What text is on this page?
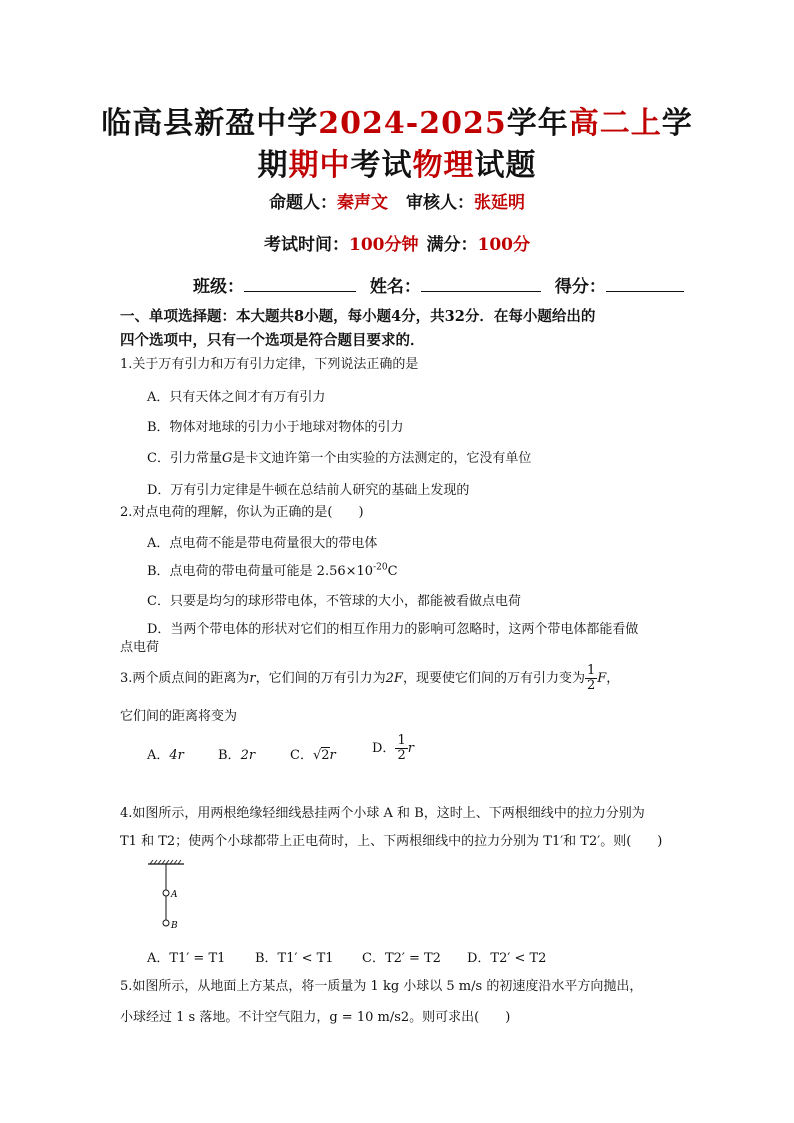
临高县新盈中学2024-2025学年高二上学
期期中考试物理试题
命题人：秦声文 审核人：张延明
考试时间：100分钟 满分：100分
班级：	姓名：	得分：
一、单项选择题：本大题共8小题，每小题4分，共32分．在每小题给出的
四个选项中，只有一个选项是符合题目要求的．
1.关于万有引力和万有引力定律，下列说法正确的是
A．只有天体之间才有万有引力
B．物体对地球的引力小于地球对物体的引力
C．引力常量G是卡文迪许第一个由实验的方法测定的，它没有单位
D．万有引力定律是牛顿在总结前人研究的基础上发现的
2.对点电荷的理解，你认为正确的是(　　)
A．点电荷不能是带电荷量很大的带电体
B．点电荷的带电荷量可能是 $2.56\times 10^{-20}C$
C．只要是均匀的球形带电体，不管球的大小，都能被看做点电荷
D．当两个带电体的形状对它们的相互作用力的影响可忽略时，这两个带电体都能看做
点电荷
3.两个质点间的距离为r，它们间的万有引力为2F，现要使它们间的万有引力变为 $\frac{1}{2}$ F，
它们间的距离将变为
A．4r	B．2r	C．√2r	D． $\frac{1}{2}$ r
4.如图所示，用两根绝缘轻细线悬挂两个小球 A 和 B，这时上、下两根细线中的拉力分别为
T1 和 T2；使两个小球都带上正电荷时，上、下两根细线中的拉力分别为 T1′和 T2′。则(　　)
A
B
A．T1′ = T1 B．T1′ < T1 C．T2′ = T2 D．T2′ < T2
5.如图所示，从地面上方某点，将一质量为 1 kg 小球以 5 m/s 的初速度沿水平方向抛出，
小球经过 1 s 落地。不计空气阻力，g = 10 m/s2。则可求出(　　)
